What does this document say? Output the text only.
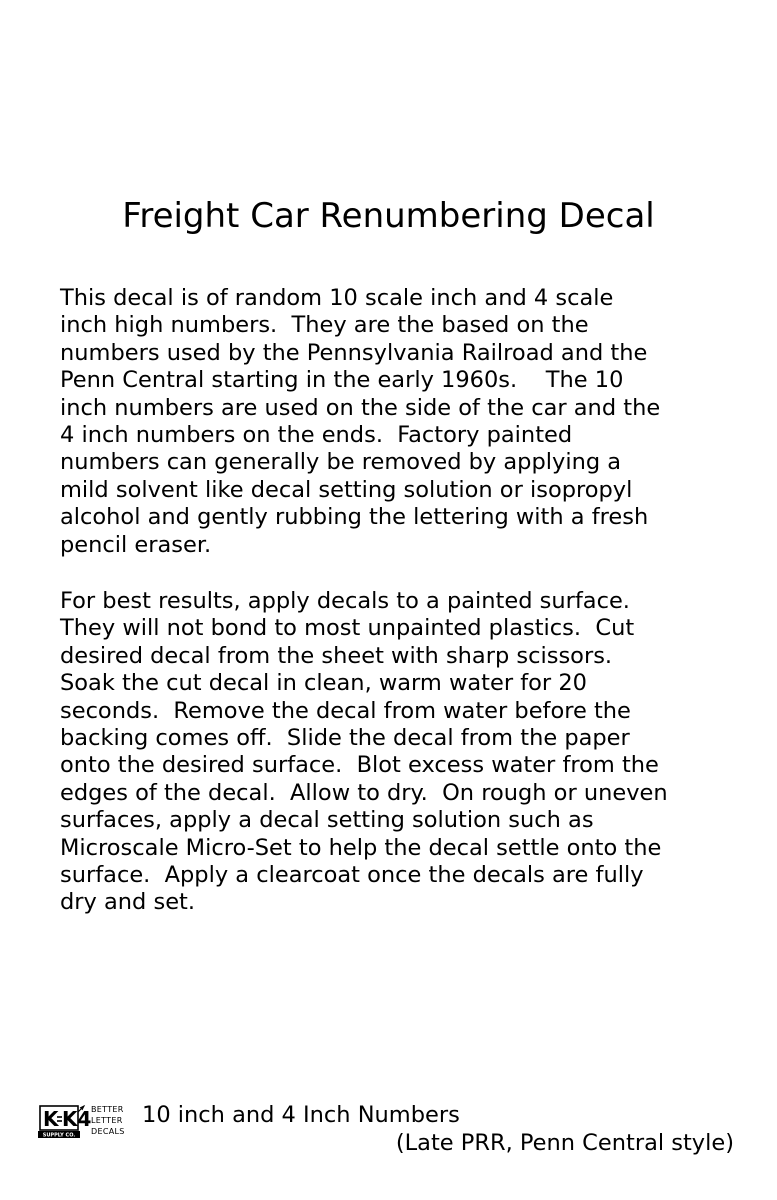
Freight Car Renumbering Decal

This decal is of random 10 scale inch and 4 scale
inch high numbers.  They are the based on the
numbers used by the Pennsylvania Railroad and the
Penn Central starting in the early 1960s.    The 10
inch numbers are used on the side of the car and the
4 inch numbers on the ends.  Factory painted
numbers can generally be removed by applying a
mild solvent like decal setting solution or isopropyl
alcohol and gently rubbing the lettering with a fresh
pencil eraser.

For best results, apply decals to a painted surface.
They will not bond to most unpainted plastics.  Cut
desired decal from the sheet with sharp scissors.
Soak the cut decal in clean, warm water for 20
seconds.  Remove the decal from water before the
backing comes off.  Slide the decal from the paper
onto the desired surface.  Blot excess water from the
edges of the decal.  Allow to dry.  On rough or uneven
surfaces, apply a decal setting solution such as
Microscale Micro-Set to help the decal settle onto the
surface.  Apply a clearcoat once the decals are fully
dry and set.

K K4
SUPPLY CO.
BETTER
LETTER
DECALS
10 inch and 4 Inch Numbers
(Late PRR, Penn Central style)
